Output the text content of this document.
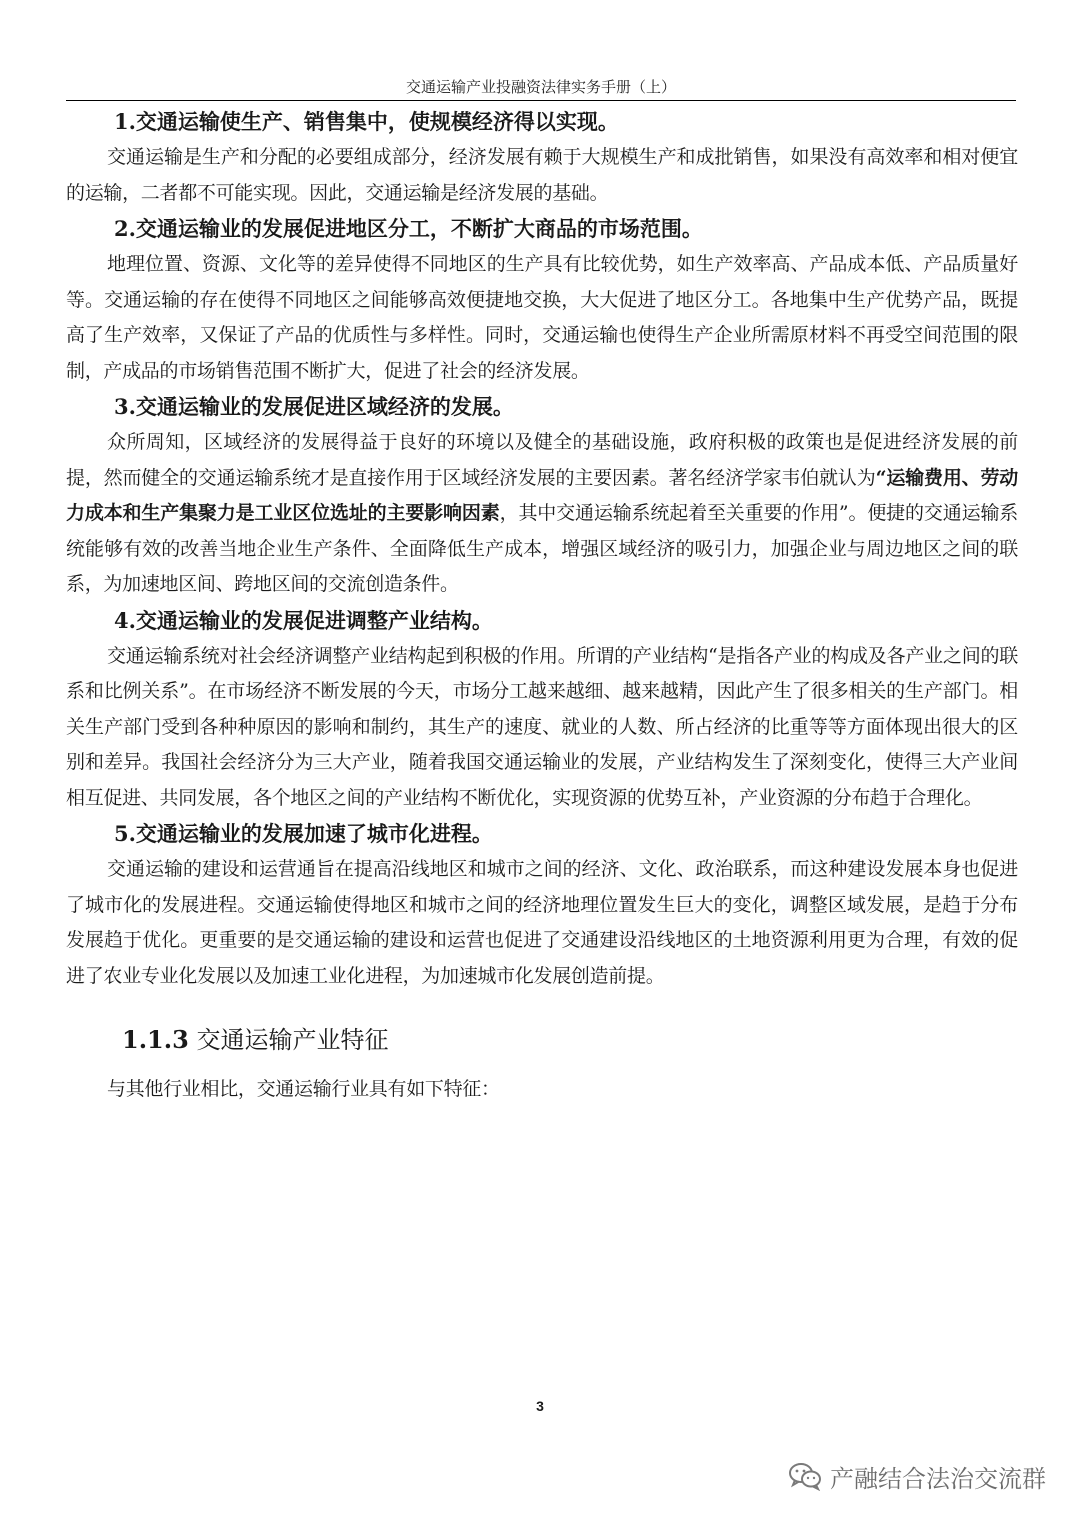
交通运输产业投融资法律实务手册（上）
1.交通运输使生产、销售集中，使规模经济得以实现。

交通运输是生产和分配的必要组成部分，经济发展有赖于大规模生产和成批销售，如果没有高效率和相对便宜的运输，二者都不可能实现。因此，交通运输是经济发展的基础。

2.交通运输业的发展促进地区分工，不断扩大商品的市场范围。

地理位置、资源、文化等的差异使得不同地区的生产具有比较优势，如生产效率高、产品成本低、产品质量好等。交通运输的存在使得不同地区之间能够高效便捷地交换，大大促进了地区分工。各地集中生产优势产品，既提高了生产效率，又保证了产品的优质性与多样性。同时，交通运输也使得生产企业所需原材料不再受空间范围的限制，产成品的市场销售范围不断扩大，促进了社会的经济发展。

3.交通运输业的发展促进区域经济的发展。

众所周知，区域经济的发展得益于良好的环境以及健全的基础设施，政府积极的政策也是促进经济发展的前提，然而健全的交通运输系统才是直接作用于区域经济发展的主要因素。著名经济学家韦伯就认为“运输费用、劳动力成本和生产集聚力是工业区位选址的主要影响因素，其中交通运输系统起着至关重要的作用”。便捷的交通运输系统能够有效的改善当地企业生产条件、全面降低生产成本，增强区域经济的吸引力，加强企业与周边地区之间的联系，为加速地区间、跨地区间的交流创造条件。

4.交通运输业的发展促进调整产业结构。

交通运输系统对社会经济调整产业结构起到积极的作用。所谓的产业结构“是指各产业的构成及各产业之间的联系和比例关系”。在市场经济不断发展的今天，市场分工越来越细、越来越精，因此产生了很多相关的生产部门。相关生产部门受到各种种原因的影响和制约，其生产的速度、就业的人数、所占经济的比重等等方面体现出很大的区别和差异。我国社会经济分为三大产业，随着我国交通运输业的发展，产业结构发生了深刻变化，使得三大产业间相互促进、共同发展，各个地区之间的产业结构不断优化，实现资源的优势互补，产业资源的分布趋于合理化。

5.交通运输业的发展加速了城市化进程。

交通运输的建设和运营通旨在提高沿线地区和城市之间的经济、文化、政治联系，而这种建设发展本身也促进了城市化的发展进程。交通运输使得地区和城市之间的经济地理位置发生巨大的变化，调整区域发展，是趋于分布发展趋于优化。更重要的是交通运输的建设和运营也促进了交通建设沿线地区的土地资源利用更为合理，有效的促进了农业专业化发展以及加速工业化进程，为加速城市化发展创造前提。

1.1.3 交通运输产业特征

与其他行业相比，交通运输行业具有如下特征：

3
产融结合法治交流群
